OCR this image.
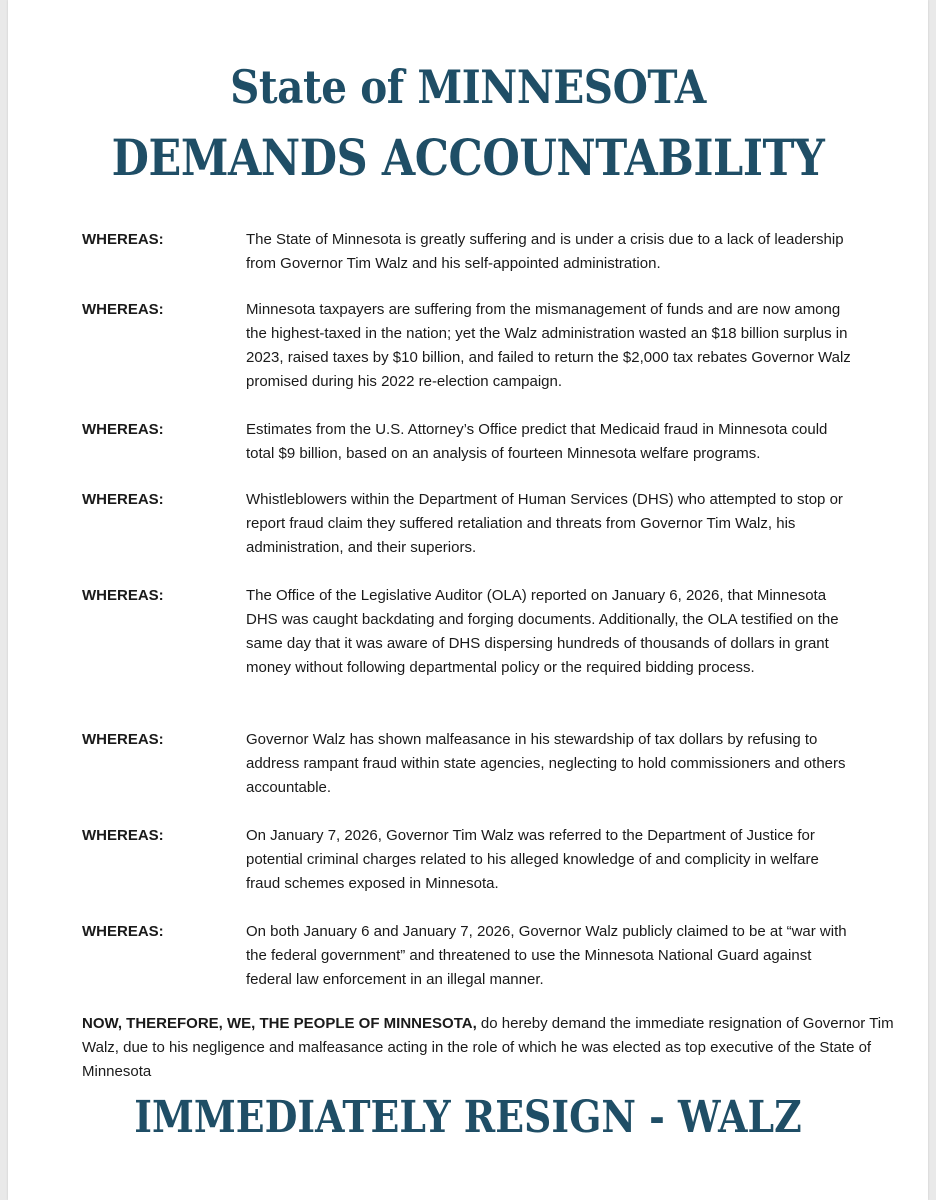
State of MINNESOTA
DEMANDS ACCOUNTABILITY
WHEREAS:	The State of Minnesota is greatly suffering and is under a crisis due to a lack of leadership from Governor Tim Walz and his self-appointed administration.
WHEREAS:	Minnesota taxpayers are suffering from the mismanagement of funds and are now among the highest-taxed in the nation; yet the Walz administration wasted an $18 billion surplus in 2023, raised taxes by $10 billion, and failed to return the $2,000 tax rebates Governor Walz promised during his 2022 re-election campaign.
WHEREAS:	Estimates from the U.S. Attorney’s Office predict that Medicaid fraud in Minnesota could total $9 billion, based on an analysis of fourteen Minnesota welfare programs.
WHEREAS:	Whistleblowers within the Department of Human Services (DHS) who attempted to stop or report fraud claim they suffered retaliation and threats from Governor Tim Walz, his administration, and their superiors.
WHEREAS:	The Office of the Legislative Auditor (OLA) reported on January 6, 2026, that Minnesota DHS was caught backdating and forging documents. Additionally, the OLA testified on the same day that it was aware of DHS dispersing hundreds of thousands of dollars in grant money without following departmental policy or the required bidding process.
WHEREAS:	Governor Walz has shown malfeasance in his stewardship of tax dollars by refusing to address rampant fraud within state agencies, neglecting to hold commissioners and others accountable.
WHEREAS:	On January 7, 2026, Governor Tim Walz was referred to the Department of Justice for potential criminal charges related to his alleged knowledge of and complicity in welfare fraud schemes exposed in Minnesota.
WHEREAS:	On both January 6 and January 7, 2026, Governor Walz publicly claimed to be at “war with the federal government” and threatened to use the Minnesota National Guard against federal law enforcement in an illegal manner.
NOW, THEREFORE, WE, THE PEOPLE OF MINNESOTA, do hereby demand the immediate resignation of Governor Tim Walz, due to his negligence and malfeasance acting in the role of which he was elected as top executive of the State of Minnesota
IMMEDIATELY RESIGN - WALZ
